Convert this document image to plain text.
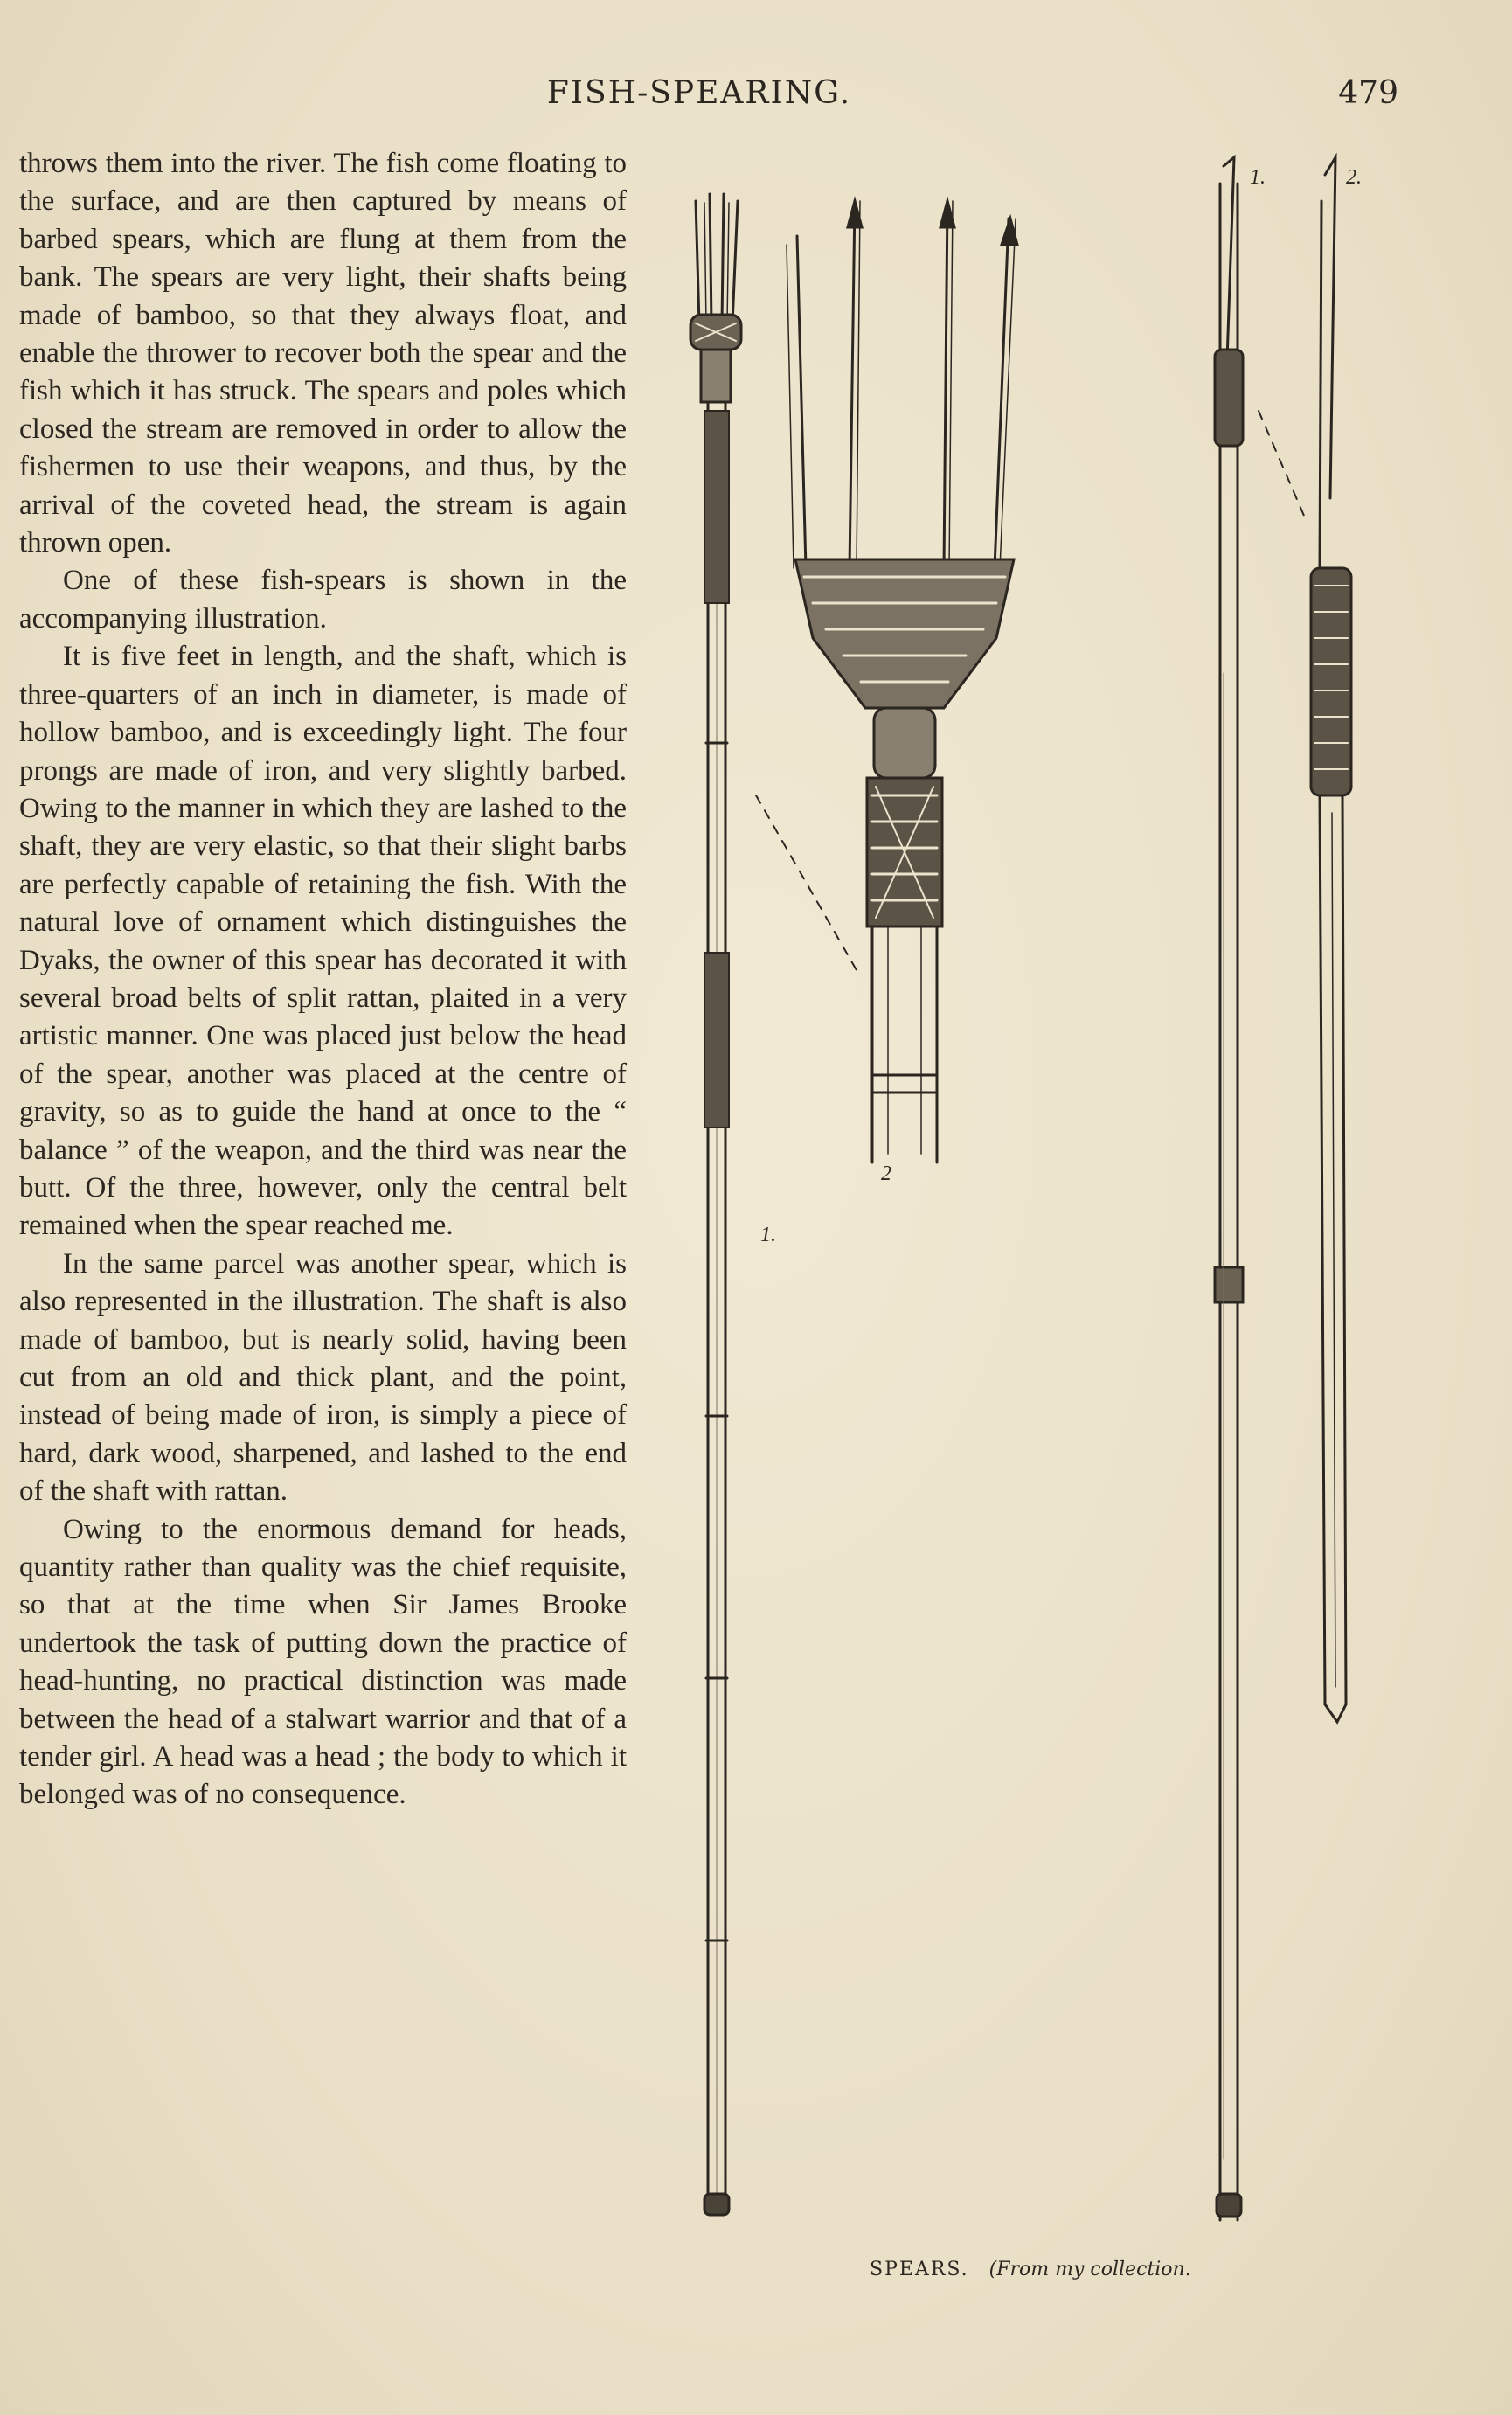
FISH-SPEARING.	479

throws them into the river. The fish come floating to the surface, and are then captured by means of barbed spears, which are flung at them from the bank. The spears are very light, their shafts being made of bamboo, so that they always float, and enable the thrower to recover both the spear and the fish which it has struck. The spears and poles which closed the stream are removed in order to allow the fishermen to use their weapons, and thus, by the arrival of the coveted head, the stream is again thrown open.

One of these fish-spears is shown in the accompanying illustration.

It is five feet in length, and the shaft, which is three-quarters of an inch in diameter, is made of hollow bamboo, and is exceedingly light. The four prongs are made of iron, and very slightly barbed. Owing to the manner in which they are lashed to the shaft, they are very elastic, so that their slight barbs are perfectly capable of retaining the fish. With the natural love of ornament which distinguishes the Dyaks, the owner of this spear has decorated it with several broad belts of split rattan, plaited in a very artistic manner. One was placed just below the head of the spear, another was placed at the centre of gravity, so as to guide the hand at once to the “ balance ” of the weapon, and the third was near the butt. Of the three, however, only the central belt remained when the spear reached me.

In the same parcel was another spear, which is also represented in the illustration. The shaft is also made of bamboo, but is nearly solid, having been cut from an old and thick plant, and the point, instead of being made of iron, is simply a piece of hard, dark wood, sharpened, and lashed to the end of the shaft with rattan.

Owing to the enormous demand for heads, quantity rather than quality was the chief requisite, so that at the time when Sir James Brooke undertook the task of putting down the practice of head-hunting, no practical distinction was made between the head of a stalwart warrior and that of a tender girl. A head was a head ; the body to which it belonged was of no consequence.

1.	2.
1.
2
SPEARS. (From my collection.
